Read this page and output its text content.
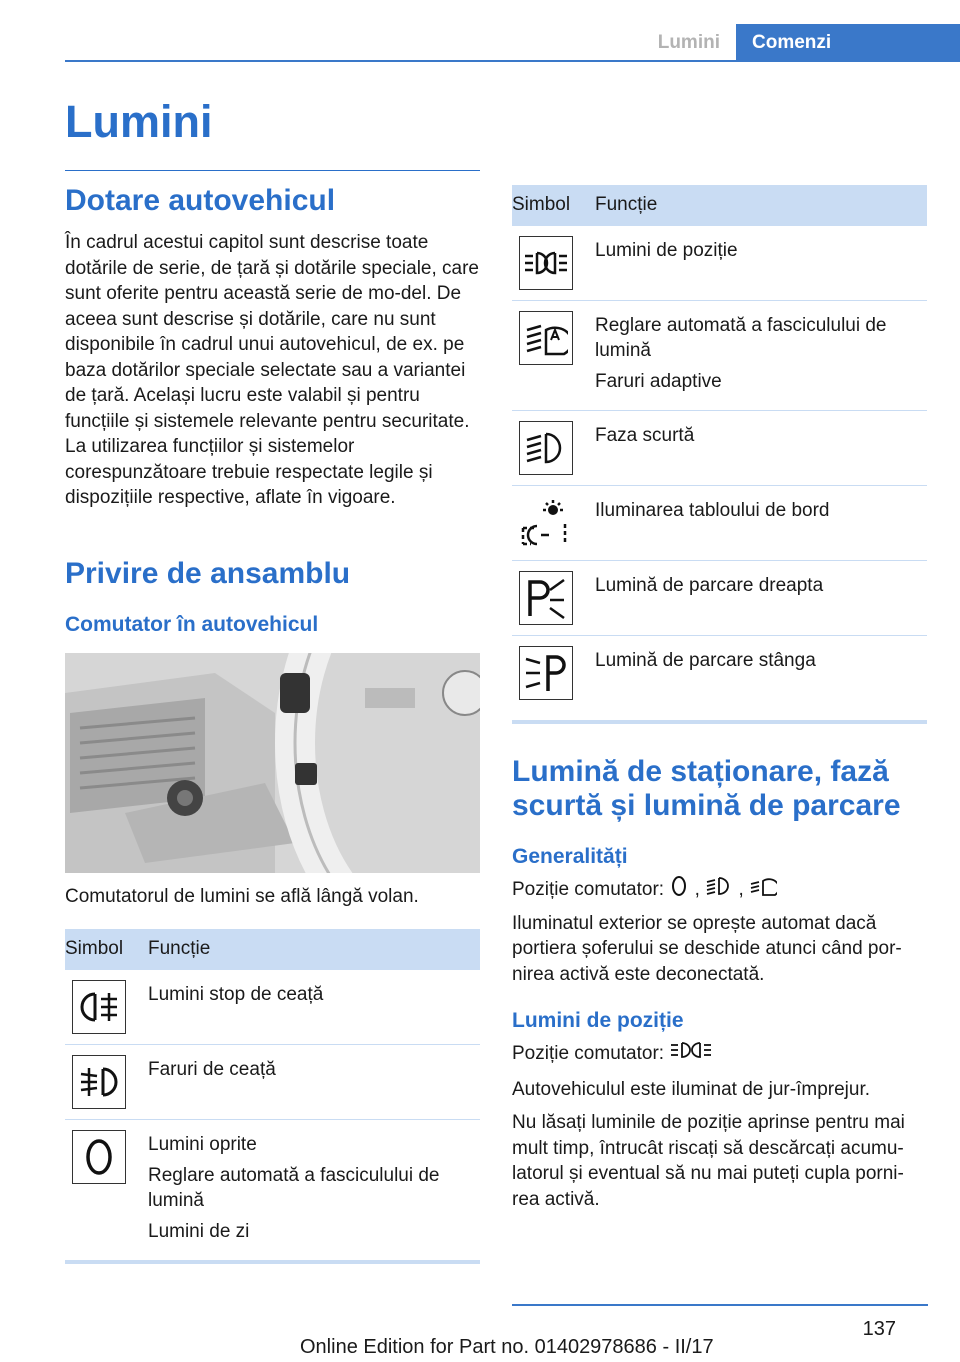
Lumini	Comenzi
Lumini
Dotare autovehicul

În cadrul acestui capitol sunt descrise toate dotările de serie, de țară și dotările speciale, care sunt oferite pentru această serie de mo-del. De aceea sunt descrise și dotările, care nu sunt disponibile în cadrul unui autovehicul, de ex. pe baza dotărilor speciale selectate sau a variantei de țară. Același lucru este valabil și pentru funcțiile și sistemele relevante pentru securitate. La utilizarea funcțiilor și sistemelor corespunzătoare trebuie respectate legile și dispozițiile respective, aflate în vigoare.

Privire de ansamblu
Comutator în autovehicul

Comutatorul de lumini se află lângă volan.

Simbol	Funcție

Lumini stop de ceață

Faruri de ceață

Lumini oprite
Reglare automată a fasciculului de lumină
Lumini de zi
Simbol	Funcție

Lumini de poziție

Reglare automată a fasciculului de lumină
Faruri adaptive

Faza scurtă

Iluminarea tabloului de bord

Lumină de parcare dreapta

Lumină de parcare stânga
Lumină de staționare, fază scurtă și lumină de parcare
Generalități

Poziție comutator: , ,

Iluminatul exterior se oprește automat dacă portiera șoferului se deschide atunci când por-nirea activă este deconectată.

Lumini de poziție

Poziție comutator:

Autovehiculul este iluminat de jur-împrejur.

Nu lăsați luminile de poziție aprinse pentru mai mult timp, întrucât riscați să descărcați acumu-latorul și eventual să nu mai puteți cupla porni-rea activă.

137
Online Edition for Part no. 01402978686 - II/17
